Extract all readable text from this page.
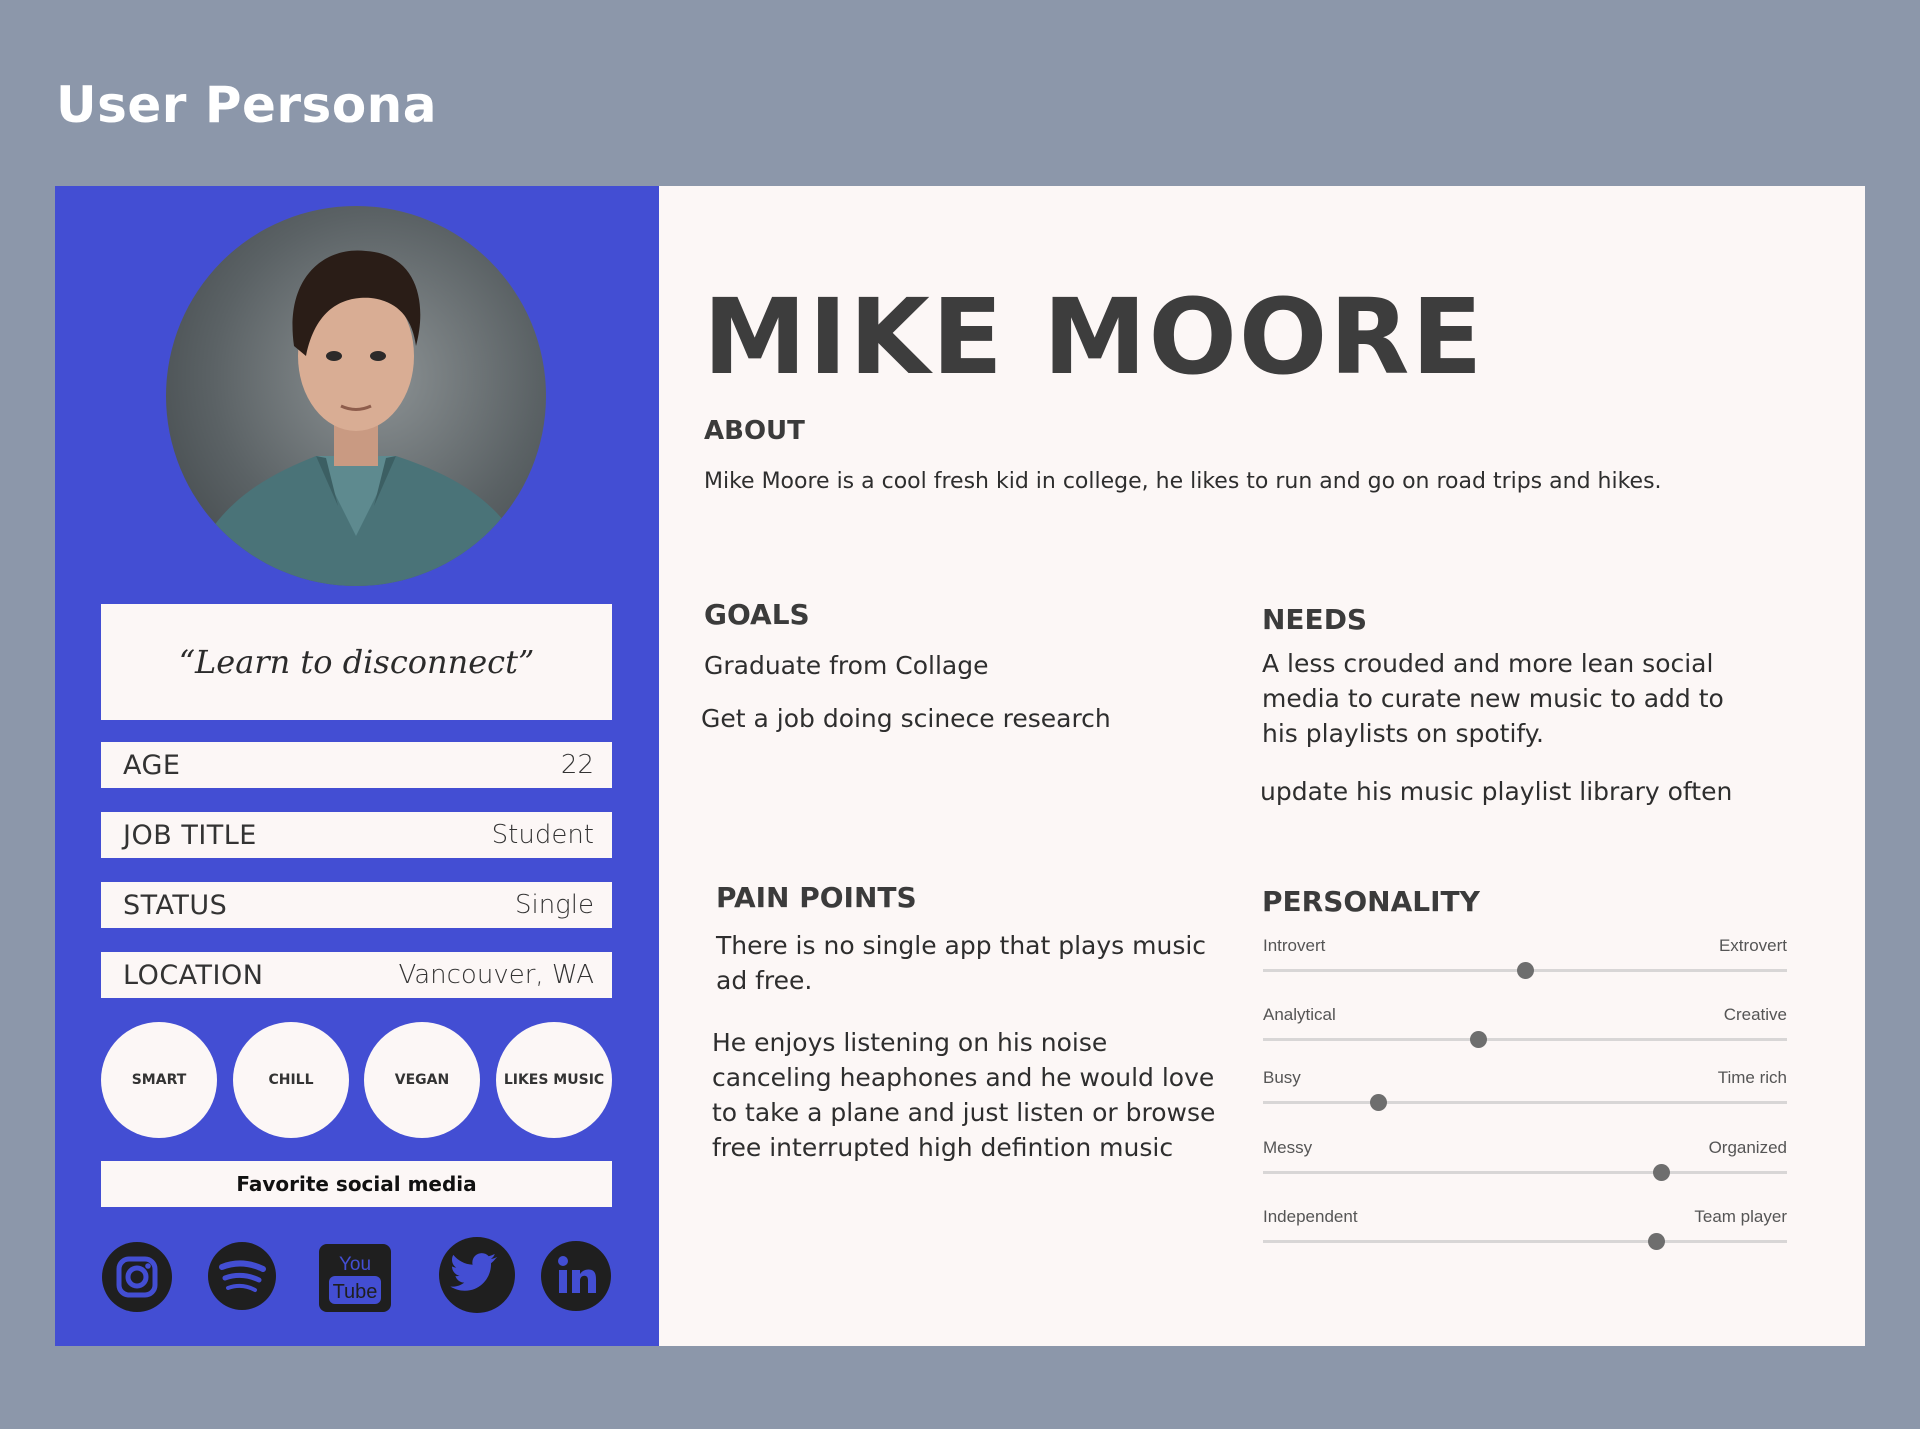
User Persona
“Learn to disconnect”
AGE	22
JOB TITLE	Student
STATUS	Single
LOCATION	Vancouver, WA
SMART	CHILL	VEGAN	LIKES MUSIC
Favorite social media
You
Tube
MIKE MOORE
ABOUT
Mike Moore is a cool fresh kid in college, he likes to run and go on road trips and hikes.
GOALS
Graduate from Collage
Get a job doing scinece research
NEEDS
A less crouded and more lean social media to curate new music to add to his playlists on spotify.
update his music playlist library often
PAIN POINTS
There is no single app that plays music ad free.
He enjoys listening on his noise canceling heaphones and he would love to take a plane and just listen or browse free interrupted high defintion music
PERSONALITY
Introvert	Extrovert
Analytical	Creative
Busy	Time rich
Messy	Organized
Independent	Team player
